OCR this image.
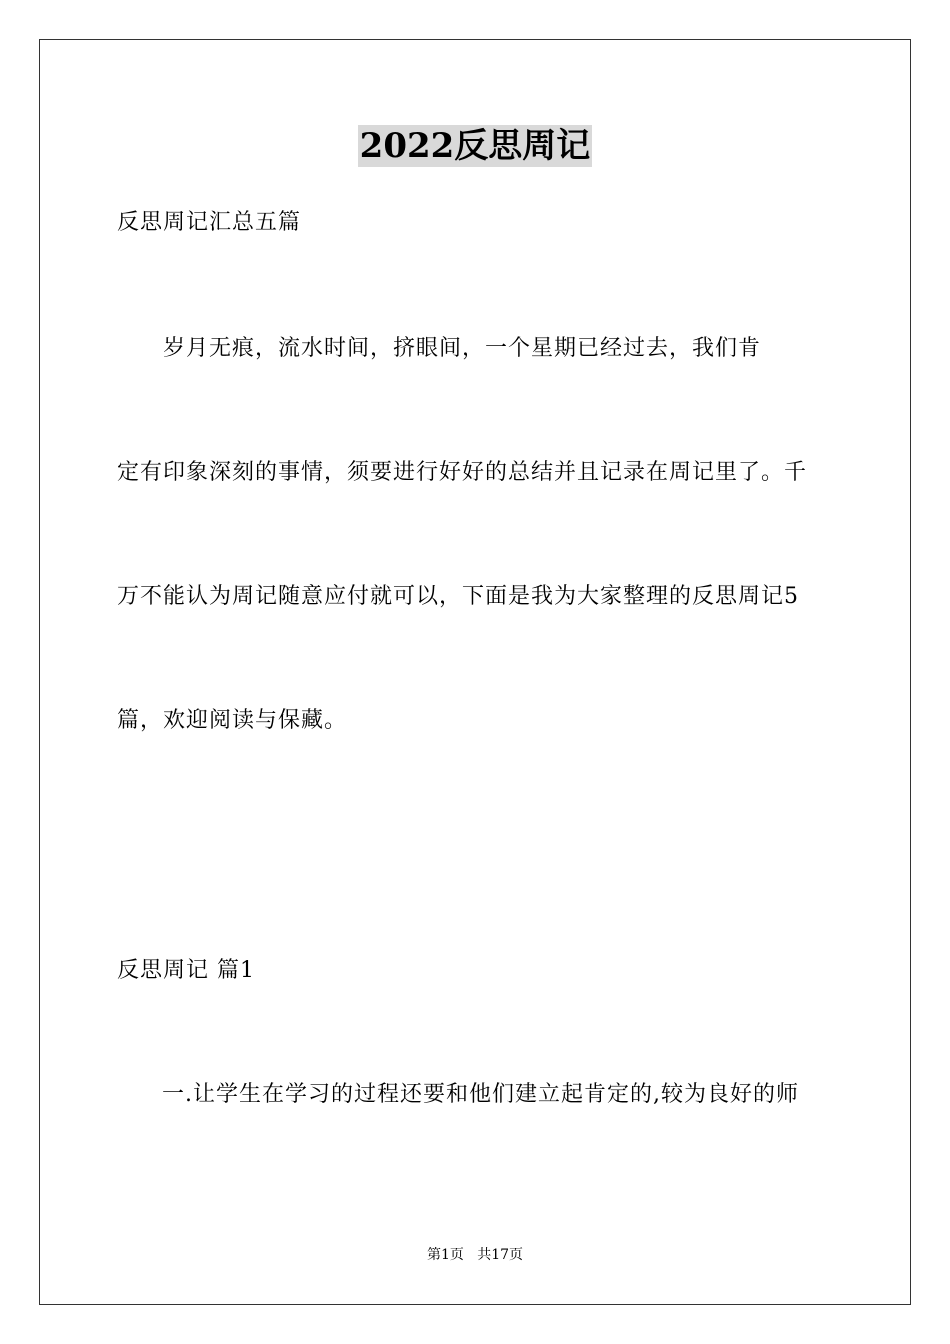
2022反思周记
反思周记汇总五篇
　　岁月无痕，流水时间，挤眼间，一个星期已经过去，我们肯
定有印象深刻的事情，须要进行好好的总结并且记录在周记里了。千
万不能认为周记随意应付就可以，下面是我为大家整理的反思周记5
篇，欢迎阅读与保藏。
反思周记 篇1
　一.让学生在学习的过程还要和他们建立起肯定的,较为良好的师
第1页   共17页
